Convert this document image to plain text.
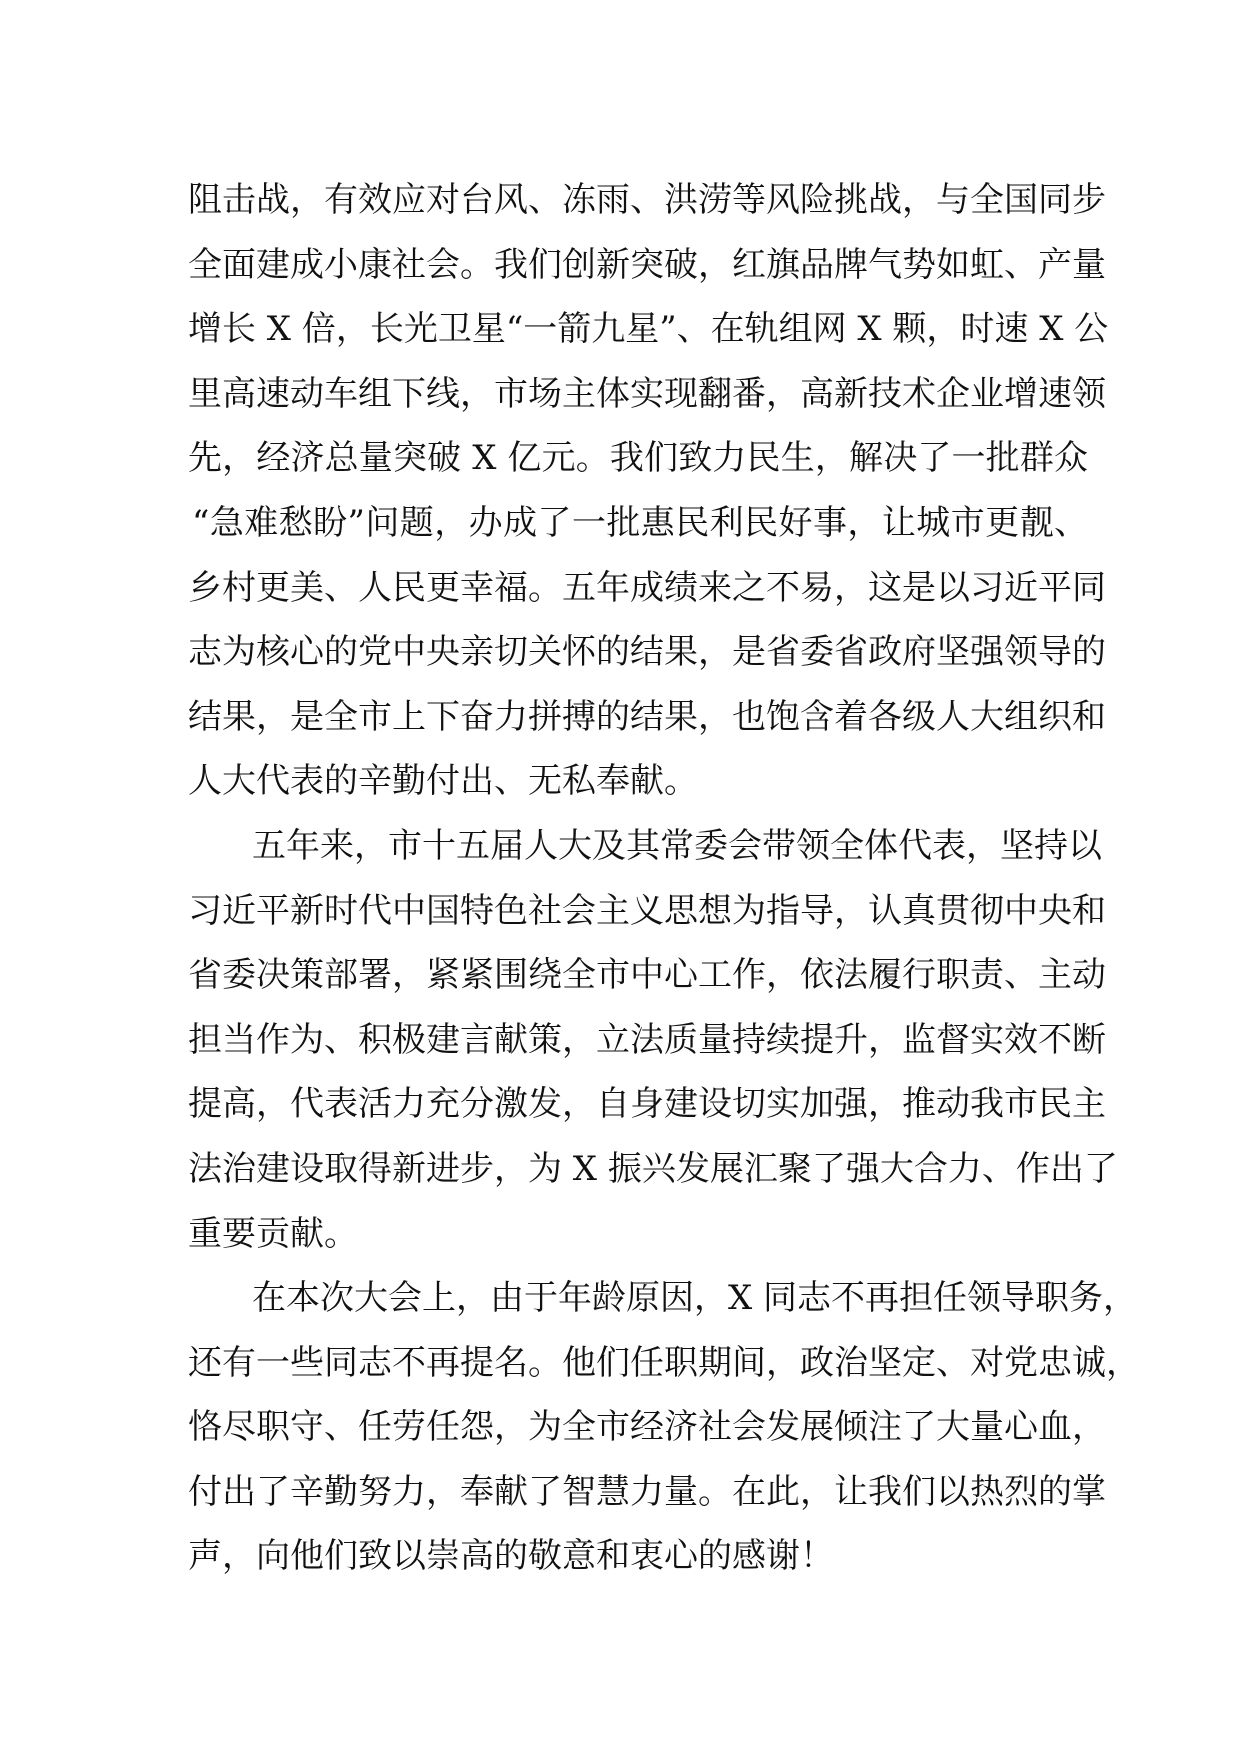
阻击战，有效应对台风、冻雨、洪涝等风险挑战，与全国同步
全面建成小康社会。我们创新突破，红旗品牌气势如虹、产量
增长 X 倍，长光卫星“一箭九星”、在轨组网 X 颗，时速 X 公
里高速动车组下线，市场主体实现翻番，高新技术企业增速领
先，经济总量突破 X 亿元。我们致力民生，解决了一批群众
“急难愁盼”问题，办成了一批惠民利民好事，让城市更靓、
乡村更美、人民更幸福。五年成绩来之不易，这是以习近平同
志为核心的党中央亲切关怀的结果，是省委省政府坚强领导的
结果，是全市上下奋力拼搏的结果，也饱含着各级人大组织和
人大代表的辛勤付出、无私奉献。
五年来，市十五届人大及其常委会带领全体代表，坚持以
习近平新时代中国特色社会主义思想为指导，认真贯彻中央和
省委决策部署，紧紧围绕全市中心工作，依法履行职责、主动
担当作为、积极建言献策，立法质量持续提升，监督实效不断
提高，代表活力充分激发，自身建设切实加强，推动我市民主
法治建设取得新进步，为 X 振兴发展汇聚了强大合力、作出了
重要贡献。
在本次大会上，由于年龄原因，X 同志不再担任领导职务，
还有一些同志不再提名。他们任职期间，政治坚定、对党忠诚，
恪尽职守、任劳任怨，为全市经济社会发展倾注了大量心血，
付出了辛勤努力，奉献了智慧力量。在此，让我们以热烈的掌
声，向他们致以崇高的敬意和衷心的感谢！
